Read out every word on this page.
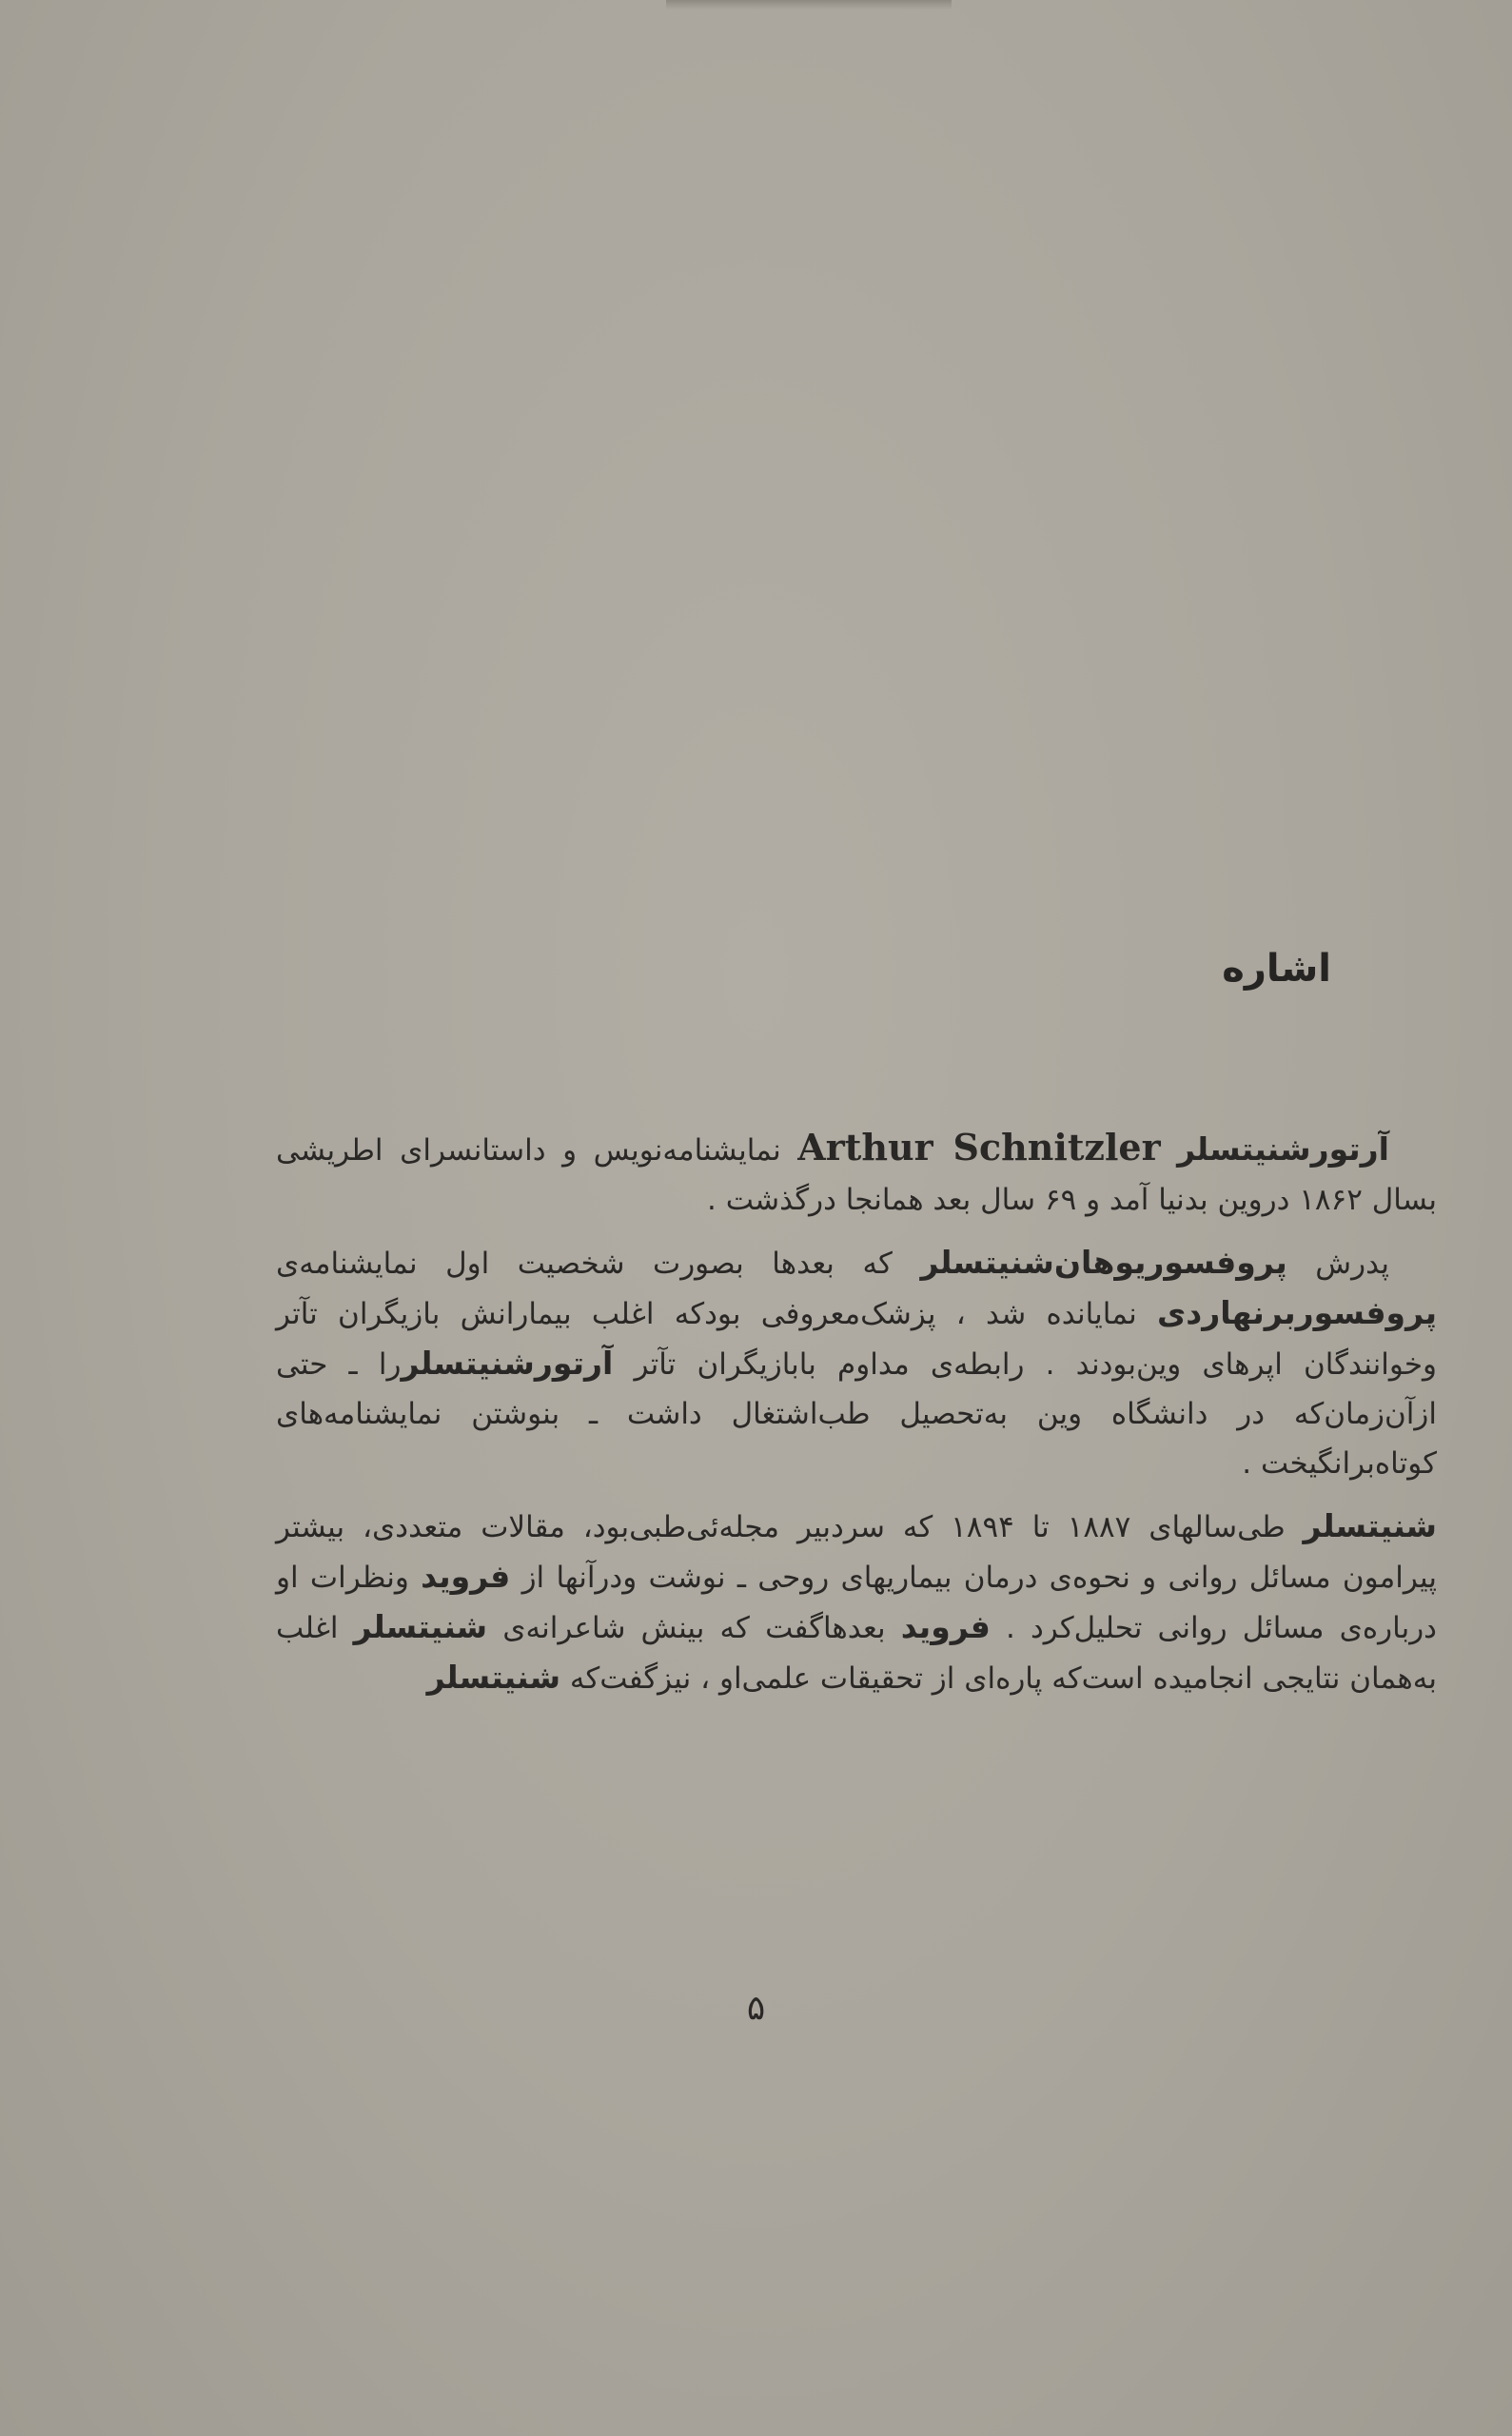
اشاره

آرتورشنیتسلر Arthur Schnitzler نمایشنامه‌نویس و داستانسرای اطریشی بسال ۱۸۶۲ دروین بدنیا آمد و ۶۹ سال بعد همانجا درگذشت .

پدرش پروفسوریوهان‌شنیتسلر که بعدها بصورت شخصیت اول نمایشنامه‌ی پروفسوربرنهاردی نمایانده شد ، پزشک‌معروفی بودکه اغلب بیمارانش بازیگران تآتر وخوانندگان اپرهای وین‌بودند . رابطه‌ی مداوم بابازیگران تآتر آرتورشنیتسلررا ـ حتی ازآن‌زمان‌که در دانشگاه وین به‌تحصیل طب‌اشتغال داشت ـ بنوشتن نمایشنامه‌های کوتاه‌برانگیخت .

شنیتسلر طی‌سالهای ۱۸۸۷ تا ۱۸۹۴ که سردبیر مجله‌ئی‌طبی‌بود، مقالات متعددی، بیشتر پیرامون مسائل روانی و نحوه‌ی درمان بیماریهای روحی ـ نوشت ودرآنها از فروید ونظرات او درباره‌ی مسائل روانی تحلیل‌کرد . فروید بعدهاگفت که بینش شاعرانه‌ی شنیتسلر اغلب به‌همان نتایجی انجامیده است‌که پاره‌ای از تحقیقات علمی‌او ، نیزگفت‌که شنیتسلر

۵
